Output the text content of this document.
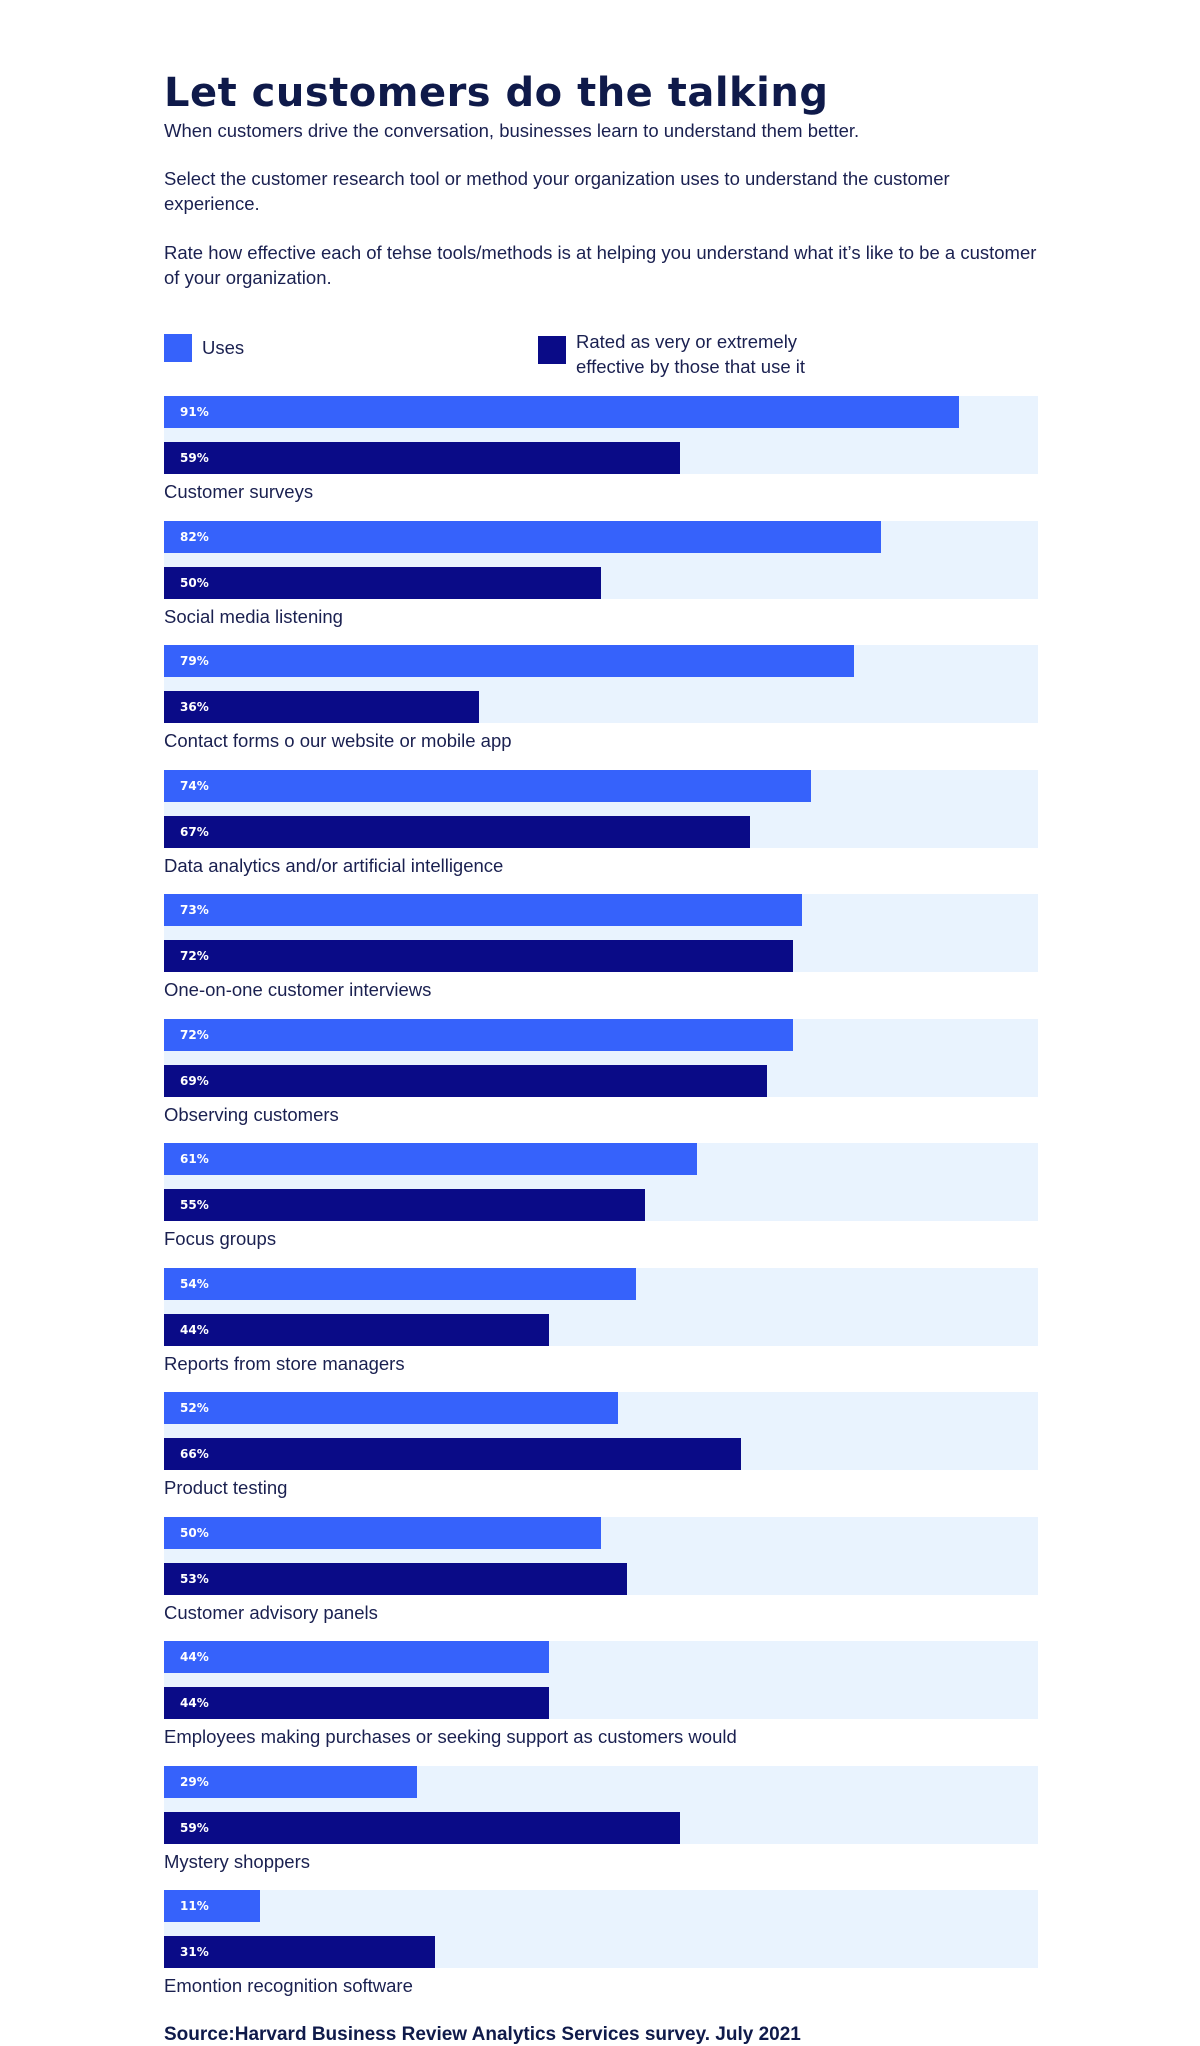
Let customers do the talking

When customers drive the conversation, businesses learn to understand them better.

Select the customer research tool or method your organization uses to understand the customer experience.

Rate how effective each of tehse tools/methods is at helping you understand what it’s like to be a customer of your organization.

Uses	Rated as very or extremely effective by those that use it
91%
59%
Customer surveys
82%
50%
Social media listening
79%
36%
Contact forms o our website or mobile app
74%
67%
Data analytics and/or artificial intelligence
73%
72%
One-on-one customer interviews
72%
69%
Observing customers
61%
55%
Focus groups
54%
44%
Reports from store managers
52%
66%
Product testing
50%
53%
Customer advisory panels
44%
44%
Employees making purchases or seeking support as customers would
29%
59%
Mystery shoppers
11%
31%
Emontion recognition software
Source:Harvard Business Review Analytics Services survey. July 2021
